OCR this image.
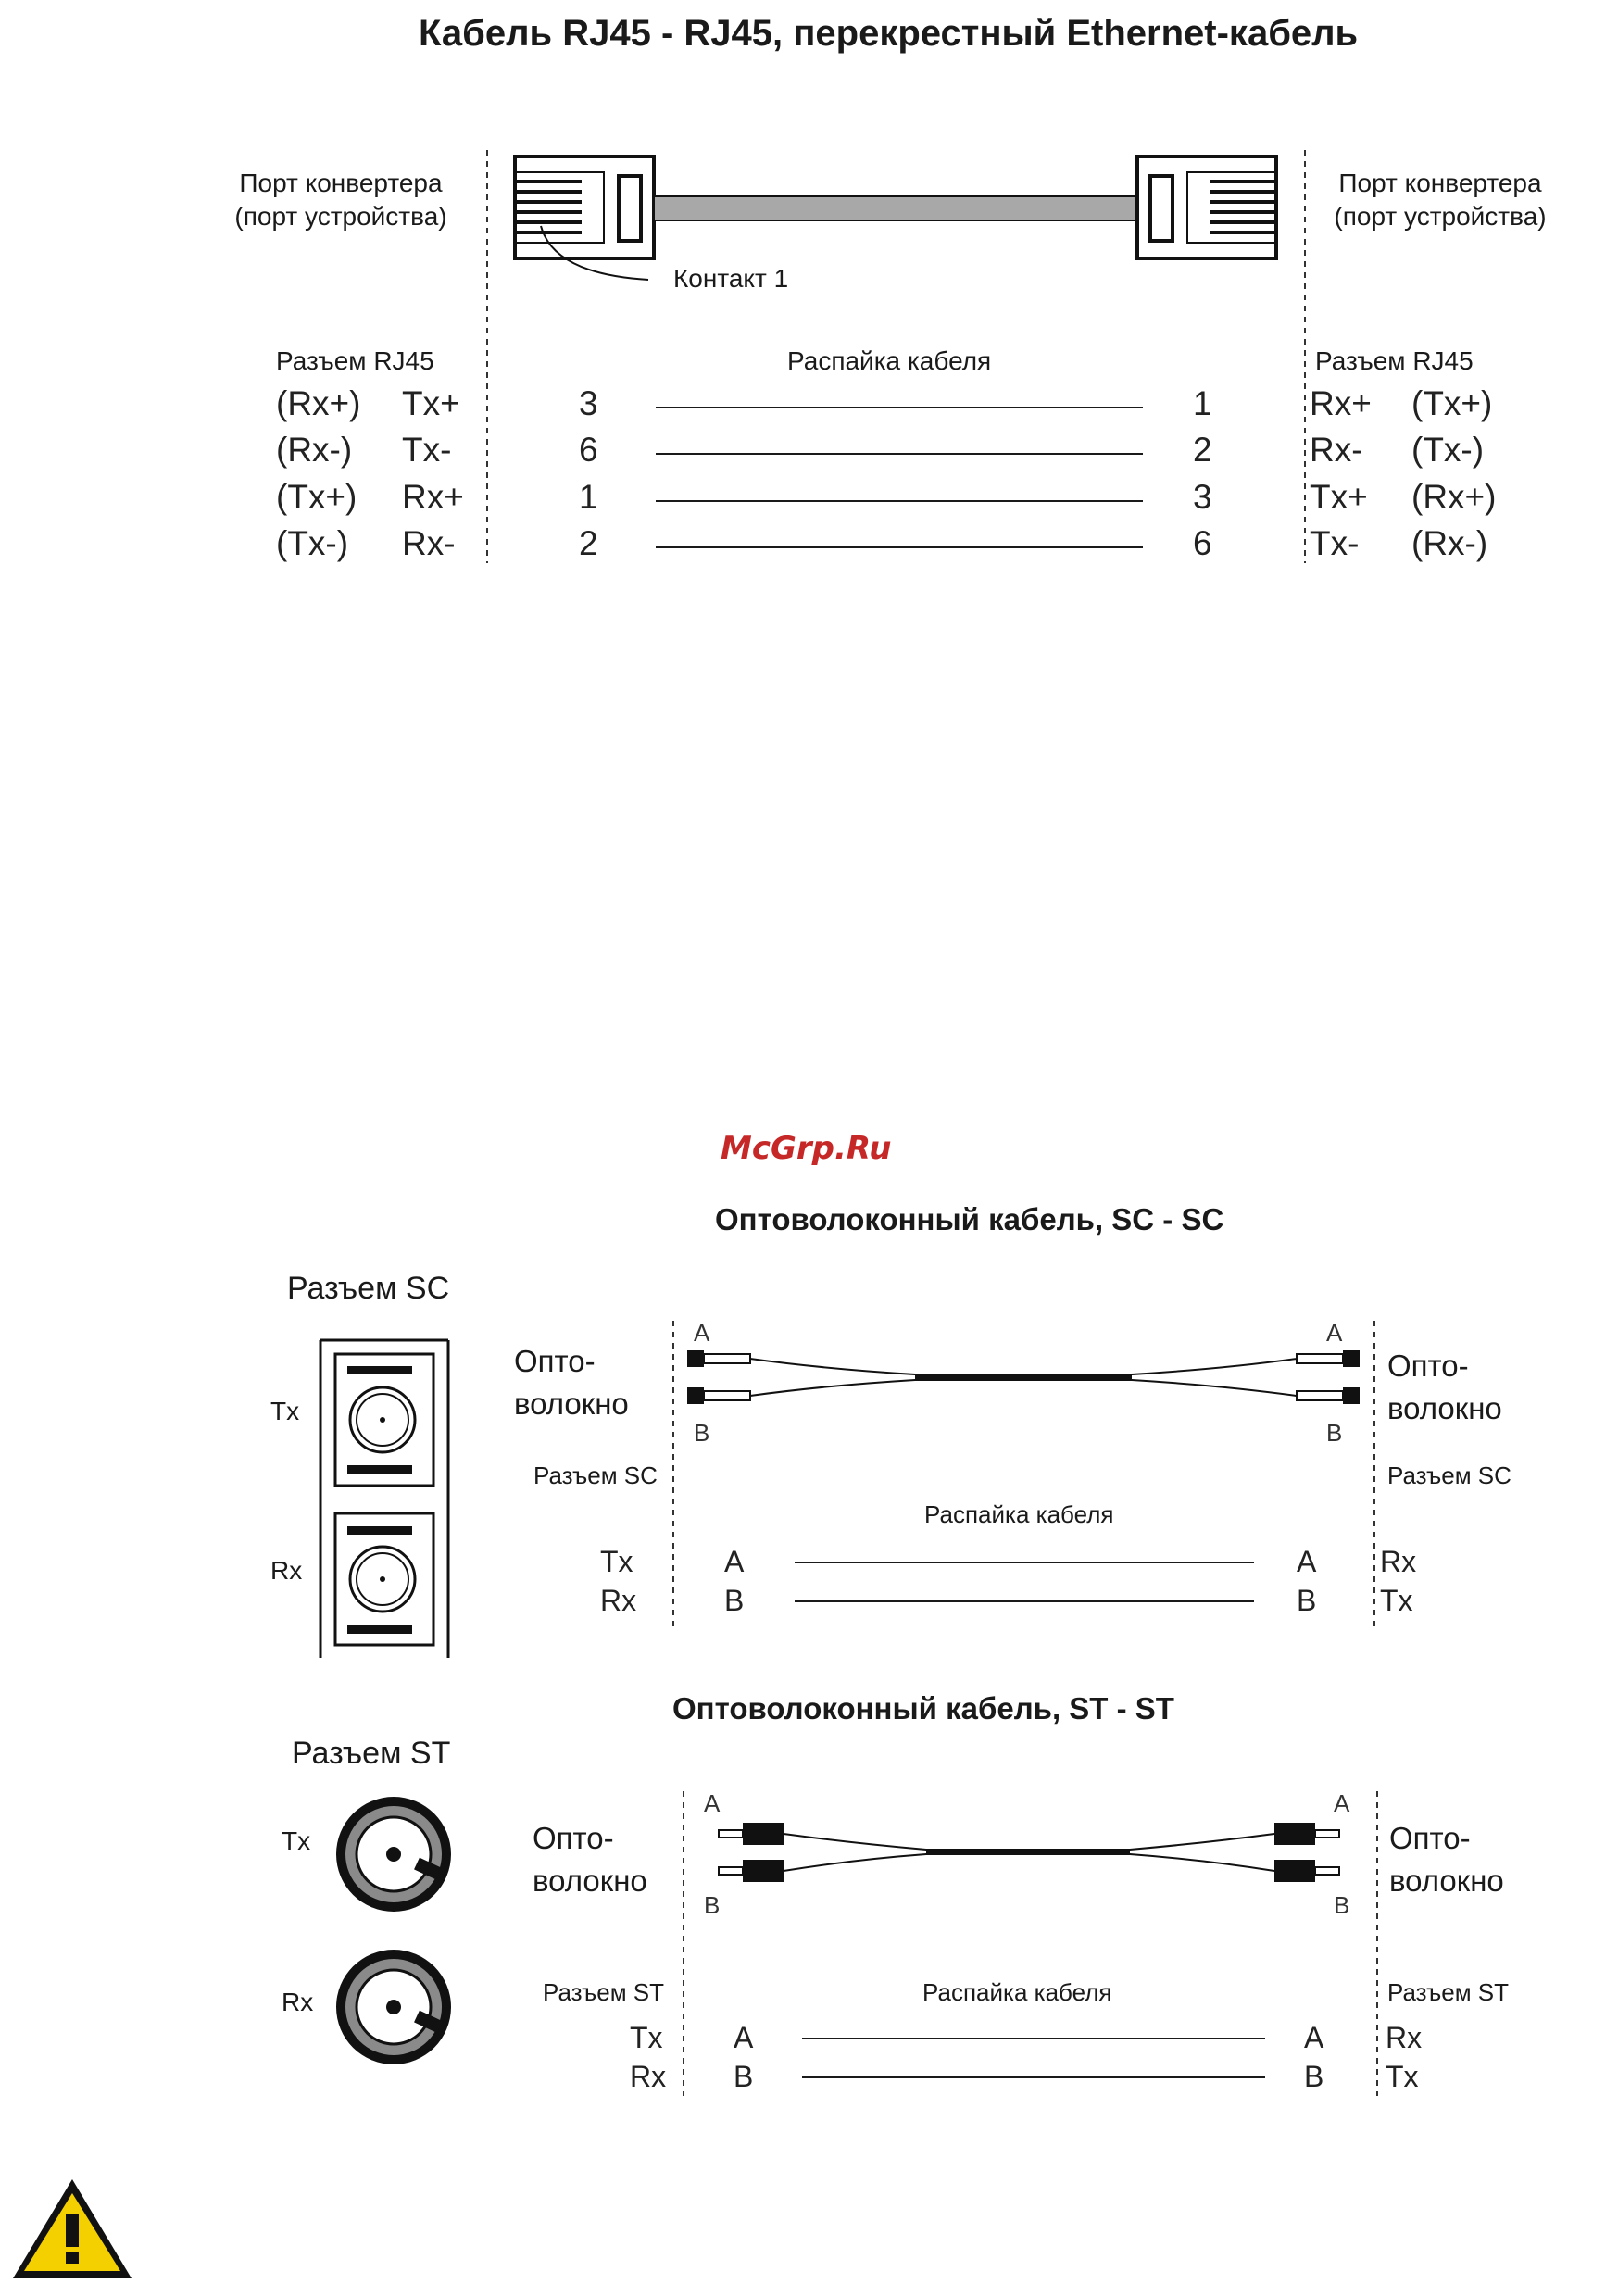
Кабель RJ45 - RJ45, перекрестный Ethernet-кабель
Порт конвертера
(порт устройства)
Порт конвертера
(порт устройства)
Контакт 1
Разъем RJ45	Распайка кабеля	Разъем RJ45
(Rx+) Tx+	3	1	Rx+ (Tx+)
(Rx-) Tx-	6	2	Rx- (Tx-)
(Tx+) Rx+	1	3	Tx+ (Rx+)
(Tx-) Rx-	2	6	Tx- (Rx-)
McGrp.Ru
Оптоволоконный кабель, SC - SC
Разъем SC
Tx
Rx
Опто-
волокно
Опто-
волокно
A
B
A
B
Разъем SC	Разъем SC
Распайка кабеля
Tx	A	A Rx
Rx	B	B Tx
Оптоволоконный кабель, ST - ST
Разъем ST
Tx
Rx
Опто-
волокно
Опто-
волокно
A
B
A
B
Разъем ST	Разъем ST
Распайка кабеля
Tx A	A Rx
Rx B	B Tx
